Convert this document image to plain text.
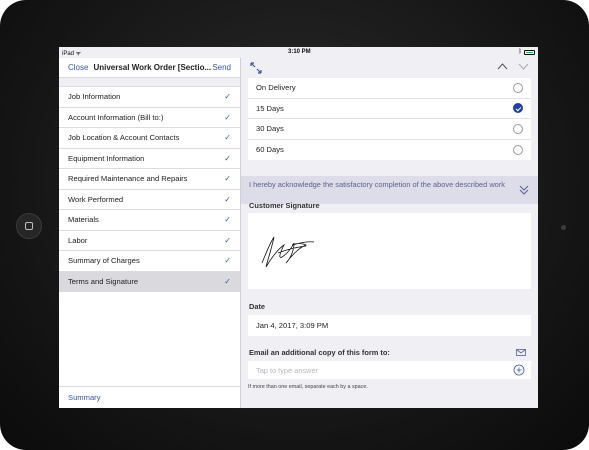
iPad ᯤ	3:10 PM	ᛒ
Close Universal Work Order [Sectio... Send
Job Information	✓
Account Information (Bill to:)	✓
Job Location & Account Contacts	✓
Equipment Information	✓
Required Maintenance and Repairs	✓
Work Performed	✓
Materials	✓
Labor	✓
Summary of Charges	✓
Terms and Signature	✓
Summary
On Delivery
15 Days
30 Days
60 Days
I hereby acknowledge the satisfactory completion of the above described work
Customer Signature
Date
Jan 4, 2017, 3:09 PM
Email an additional copy of this form to:
Tap to type answer
If more than one email, separate each by a space.
